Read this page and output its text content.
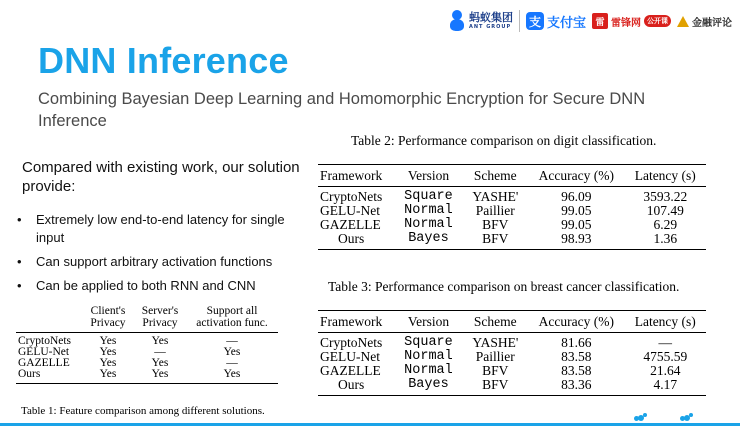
蚂蚁集团
ANT GROUP 支 支付宝	雷 雷锋网 公开课	金融评论
DNN Inference

Combining Bayesian Deep Learning and Homomorphic Encryption for Secure DNN Inference

Compared with existing work, our solution provide:

• Extremely low end-to-end latency for single input
• Can support arbitrary activation functions
• Can be applied to both RNN and CNN
	Client's Privacy	Server's Privacy	Support all activation func.
CryptoNets	Yes	Yes	—
GELU-Net	Yes	—	Yes
GAZELLE	Yes	Yes	—
Ours	Yes	Yes	Yes
Table 1: Feature comparison among different solutions.
Table 2: Performance comparison on digit classification.
Framework	Version	Scheme	Accuracy (%)	Latency (s)
CryptoNets	Square	YASHE'	96.09	3593.22
GELU-Net	Normal	Paillier	99.05	107.49
GAZELLE	Normal	BFV	99.05	6.29
Ours	Bayes	BFV	98.93	1.36
Table 3: Performance comparison on breast cancer classification.
Framework	Version	Scheme	Accuracy (%)	Latency (s)
CryptoNets	Square	YASHE'	81.66	—
GELU-Net	Normal	Paillier	83.58	4755.59
GAZELLE	Normal	BFV	83.58	21.64
Ours	Bayes	BFV	83.36	4.17
